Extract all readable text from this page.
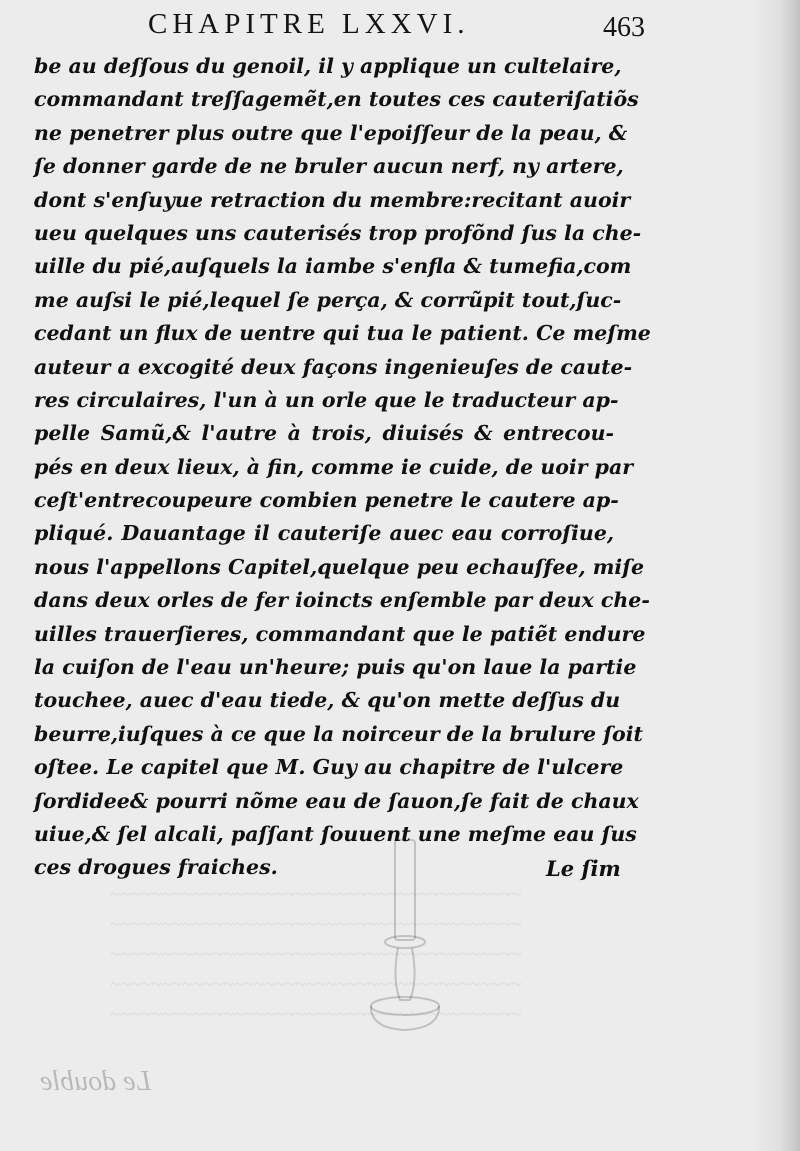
CHAPITRE LXXVI.	463
~~~~~~~~~~~~~~~~~~~~~~~~~~~~~~~~~~~~~~~~
~~~~~~~~~~~~~~~~~~~~~~~~~~~~~~~~~~~~~~~~
~~~~~~~~~~~~~~~~~~~~~~~~~~~~~~~~~~~~~~~~
~~~~~~~~~~~~~~~~~~~~~~~~~~~~~~~~~~~~~~~~
~~~~~~~~~~~~~~~~~~~~~~~~~~~~~~~~~~~~~~~~
be au deſſous du genoil, il y applique un cultelaire,
commandant treſſagemẽt,en toutes ces cauteriſatiõs
ne penetrer plus outre que l'epoiſſeur de la peau, &
ſe donner garde de ne bruler aucun nerf, ny artere,
dont s'enſuyue retraction du membre:recitant auoir
ueu quelques uns cauterisés trop profõnd ſus la che-
uille du pié,auſquels la iambe s'enfla & tumefia,com
me auſsi le pié,lequel ſe perça, & corrũpit tout,ſuc-
cedant un flux de uentre qui tua le patient. Ce meſme
auteur a excogité deux façons ingenieuſes de caute-
res circulaires, l'un à un orle que le traducteur ap-
pelle Samũ,& l'autre à trois, diuisés & entrecou-
pés en deux lieux, à fin, comme ie cuide, de uoir par
ceſt'entrecoupeure combien penetre le cautere ap-
pliqué. Dauantage il cauteriſe auec eau corroſiue,
nous l'appellons Capitel,quelque peu echauſfee, miſe
dans deux orles de fer ioincts enſemble par deux che-
uilles trauerſieres, commandant que le patiẽt endure
la cuiſon de l'eau un'heure; puis qu'on laue la partie
touchee, auec d'eau tiede, & qu'on mette deſſus du
beurre,iuſques à ce que la noirceur de la brulure ſoit
oſtee. Le capitel que M. Guy au chapitre de l'ulcere
ſordidee& pourri nõme eau de ſauon,ſe fait de chaux
uiue,& ſel alcali, paſſant ſouuent une meſme eau ſus
ces drogues fraiches.	Le ſim
Le double
